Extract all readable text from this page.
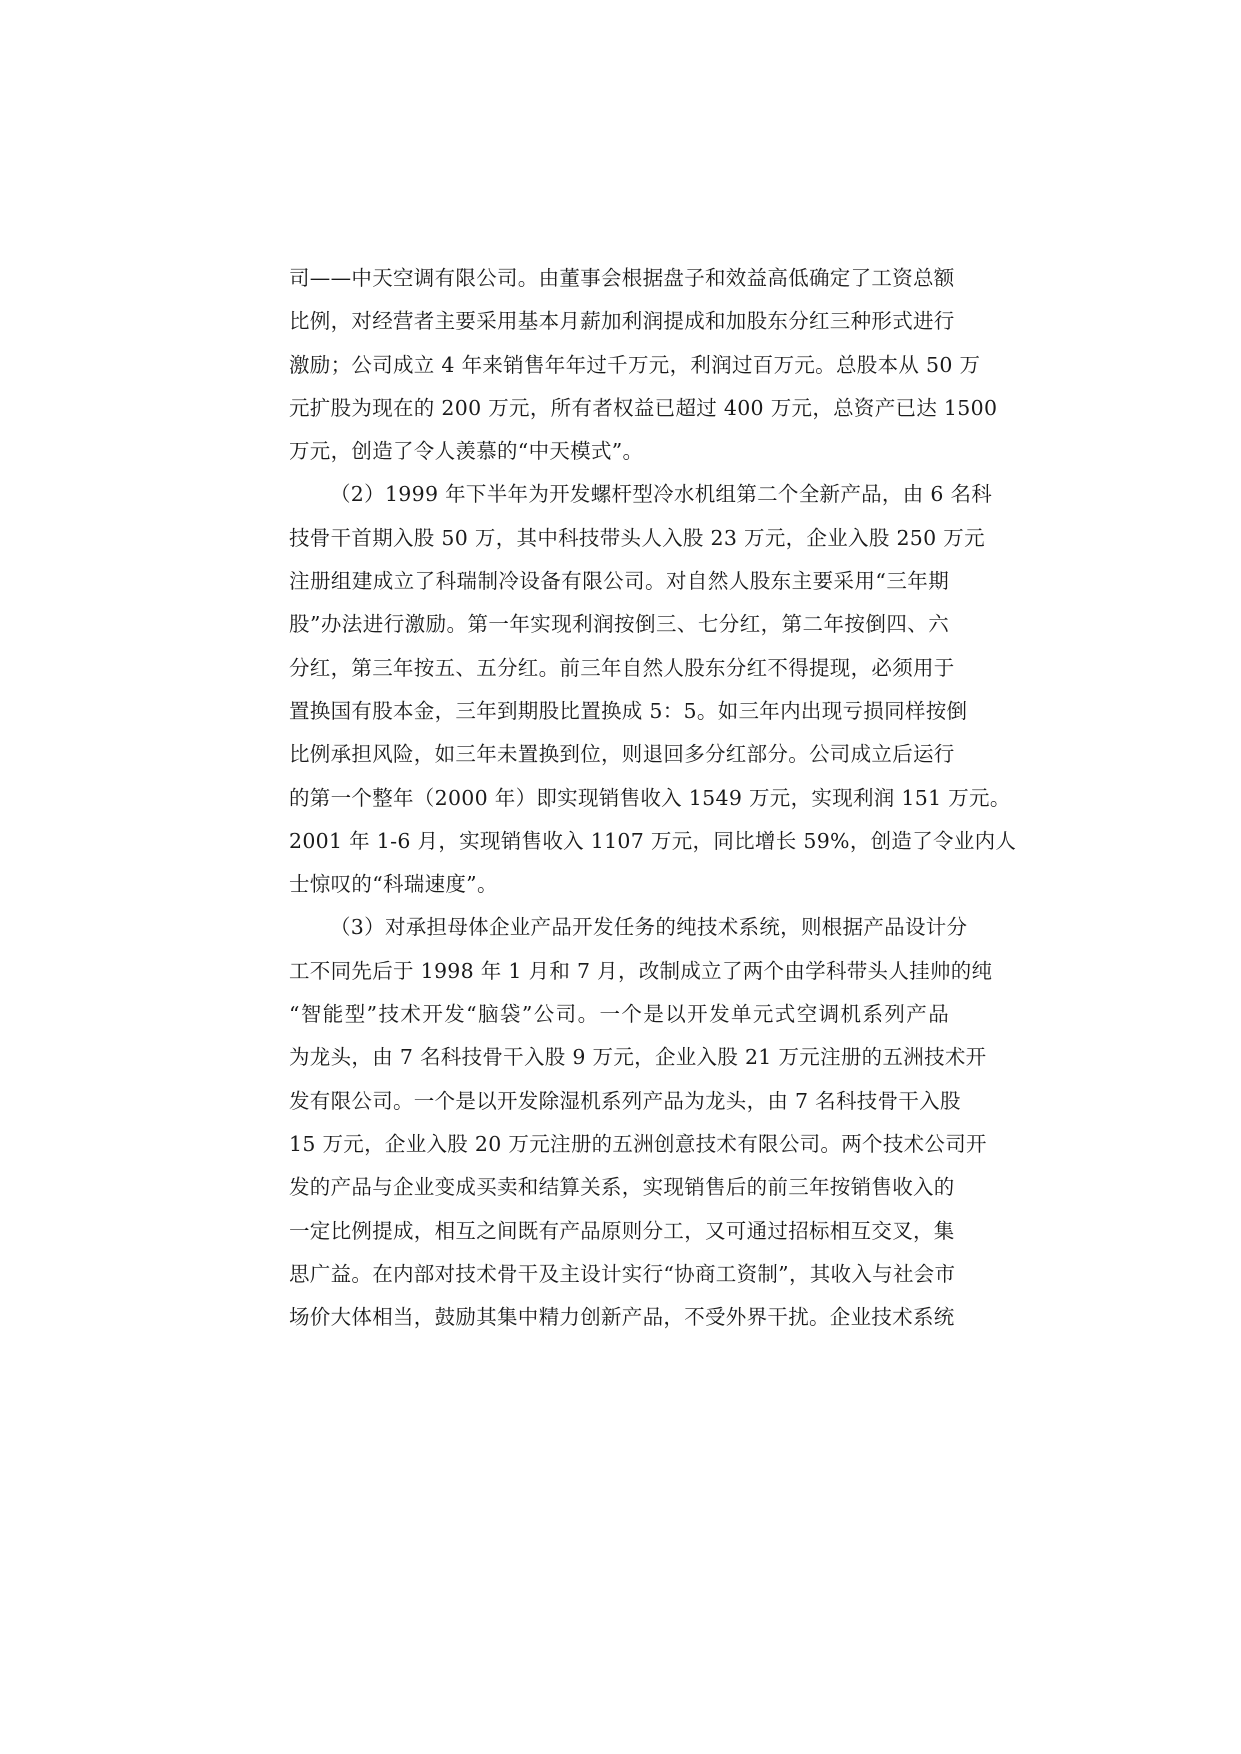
司——中天空调有限公司。由董事会根据盘子和效益高低确定了工资总额
比例，对经营者主要采用基本月薪加利润提成和加股东分红三种形式进行
激励；公司成立 4 年来销售年年过千万元，利润过百万元。总股本从 50 万
元扩股为现在的 200 万元，所有者权益已超过 400 万元，总资产已达 1500
万元，创造了令人羡慕的“中天模式”。
（2）1999 年下半年为开发螺杆型冷水机组第二个全新产品，由 6 名科
技骨干首期入股 50 万，其中科技带头人入股 23 万元，企业入股 250 万元
注册组建成立了科瑞制冷设备有限公司。对自然人股东主要采用“三年期
股”办法进行激励。第一年实现利润按倒三、七分红，第二年按倒四、六
分红，第三年按五、五分红。前三年自然人股东分红不得提现，必须用于
置换国有股本金，三年到期股比置换成 5：5。如三年内出现亏损同样按倒
比例承担风险，如三年未置换到位，则退回多分红部分。公司成立后运行
的第一个整年（2000 年）即实现销售收入 1549 万元，实现利润 151 万元。
2001 年 1-6 月，实现销售收入 1107 万元，同比增长 59%，创造了令业内人
士惊叹的“科瑞速度”。
（3）对承担母体企业产品开发任务的纯技术系统，则根据产品设计分
工不同先后于 1998 年 1 月和 7 月，改制成立了两个由学科带头人挂帅的纯
“智能型”技术开发“脑袋”公司。一个是以开发单元式空调机系列产品
为龙头，由 7 名科技骨干入股 9 万元，企业入股 21 万元注册的五洲技术开
发有限公司。一个是以开发除湿机系列产品为龙头，由 7 名科技骨干入股
15 万元，企业入股 20 万元注册的五洲创意技术有限公司。两个技术公司开
发的产品与企业变成买卖和结算关系，实现销售后的前三年按销售收入的
一定比例提成，相互之间既有产品原则分工，又可通过招标相互交叉，集
思广益。在内部对技术骨干及主设计实行“协商工资制”，其收入与社会市
场价大体相当，鼓励其集中精力创新产品，不受外界干扰。企业技术系统
